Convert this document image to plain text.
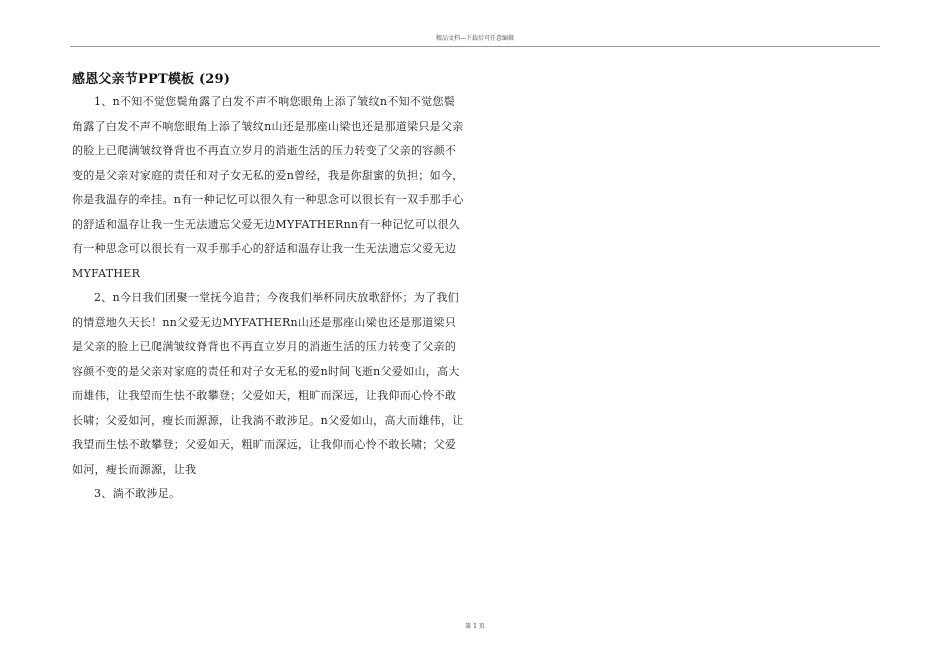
精品文档---下载后可任意编辑
感恩父亲节PPT模板 (29)

1、n不知不觉您鬓角露了白发不声不响您眼角上添了皱纹n不知不觉您鬓角露了白发不声不响您眼角上添了皱纹n山还是那座山梁也还是那道梁只是父亲的脸上已爬满皱纹脊背也不再直立岁月的消逝生活的压力转变了父亲的容颜不变的是父亲对家庭的责任和对子女无私的爱n曾经，我是你甜蜜的负担；如今，你是我温存的牵挂。n有一种记忆可以很久有一种思念可以很长有一双手那手心的舒适和温存让我一生无法遗忘父爱无边MYFATHERnn有一种记忆可以很久有一种思念可以很长有一双手那手心的舒适和温存让我一生无法遗忘父爱无边MYFATHER

2、n今日我们团聚一堂抚今追昔；今夜我们举杯同庆放歌舒怀；为了我们的情意地久天长！nn父爱无边MYFATHERn山还是那座山梁也还是那道梁只是父亲的脸上已爬满皱纹脊背也不再直立岁月的消逝生活的压力转变了父亲的容颜不变的是父亲对家庭的责任和对子女无私的爱n时间飞逝n父爱如山，高大而雄伟，让我望而生怯不敢攀登；父爱如天，粗旷而深远，让我仰而心怜不敢长啸；父爱如河，瘦长而源源，让我淌不敢涉足。n父爱如山，高大而雄伟，让我望而生怯不敢攀登；父爱如天，粗旷而深远，让我仰而心怜不敢长啸；父爱如河，瘦长而源源，让我

3、淌不敢涉足。

第 1 页
